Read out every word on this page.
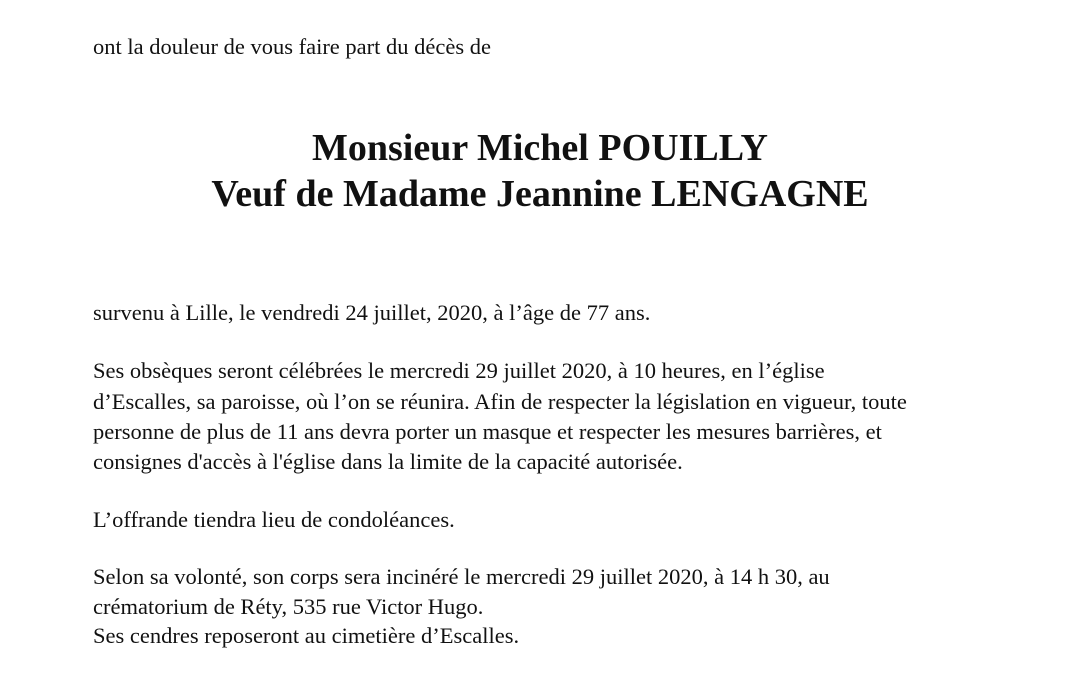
ont la douleur de vous faire part du décès de

Monsieur Michel POUILLY
Veuf de Madame Jeannine LENGAGNE

survenu à Lille, le vendredi 24 juillet, 2020, à l’âge de 77 ans.

Ses obsèques seront célébrées le mercredi 29 juillet 2020, à 10 heures, en l’église

d’Escalles, sa paroisse, où l’on se réunira. Afin de respecter la législation en vigueur, toute

personne de plus de 11 ans devra porter un masque et respecter les mesures barrières, et

consignes d'accès à l'église dans la limite de la capacité autorisée.

L’offrande tiendra lieu de condoléances.

Selon sa volonté, son corps sera incinéré le mercredi 29 juillet 2020, à 14 h 30, au

crématorium de Réty, 535 rue Victor Hugo.

Ses cendres reposeront au cimetière d’Escalles.
